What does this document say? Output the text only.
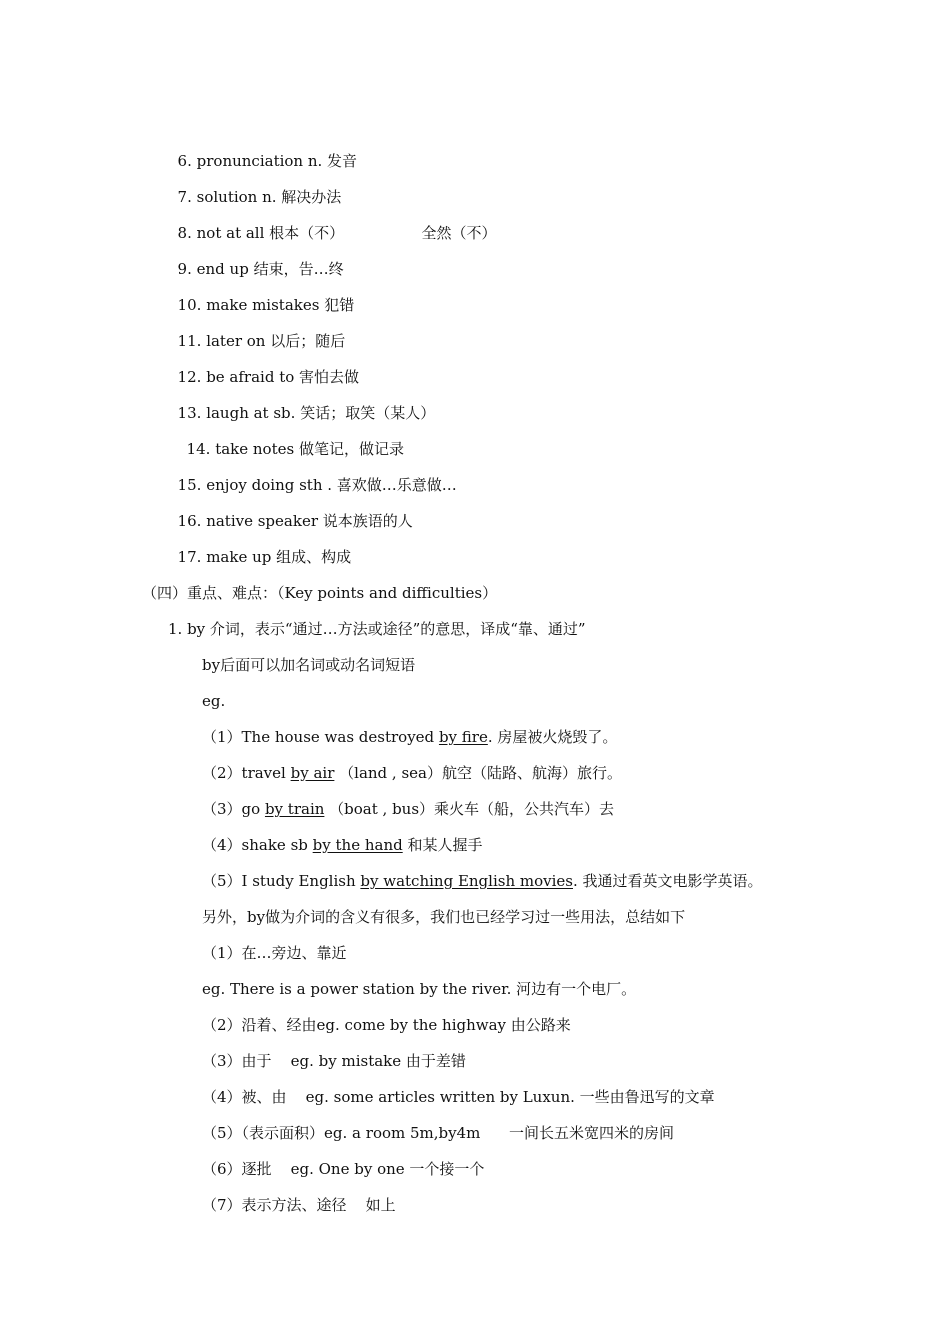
6. pronunciation n. 发音

7. solution n. 解决办法

8. not at all 根本（不）	全然（不）

9. end up 结束，告…终

10. make mistakes 犯错

11. later on 以后；随后

12. be afraid to 害怕去做

13. laugh at sb. 笑话；取笑（某人）

14. take notes 做笔记，做记录

15. enjoy doing sth . 喜欢做…乐意做…

16. native speaker 说本族语的人

17. make up 组成、构成

（四）重点、难点：（Key points and difficulties）
1. by 介词，表示“通过…方法或途径”的意思，译成“靠、通过”
by后面可以加名词或动名词短语
eg.
（1）The house was destroyed by fire. 房屋被火烧毁了。
（2）travel by air （land , sea）航空（陆路、航海）旅行。
（3）go by train （boat , bus）乘火车（船，公共汽车）去
（4）shake sb by the hand 和某人握手
（5）I study English by watching English movies. 我通过看英文电影学英语。
另外，by做为介词的含义有很多，我们也已经学习过一些用法，总结如下
（1）在…旁边、靠近
eg. There is a power station by the river. 河边有一个电厂。
（2）沿着、经由eg. come by the highway 由公路来
（3）由于    eg. by mistake 由于差错
（4）被、由    eg. some articles written by Luxun. 一些由鲁迅写的文章
（5）（表示面积）eg. a room 5m,by4m      一间长五米宽四米的房间
（6）逐批    eg. One by one 一个接一个
（7）表示方法、途径    如上
